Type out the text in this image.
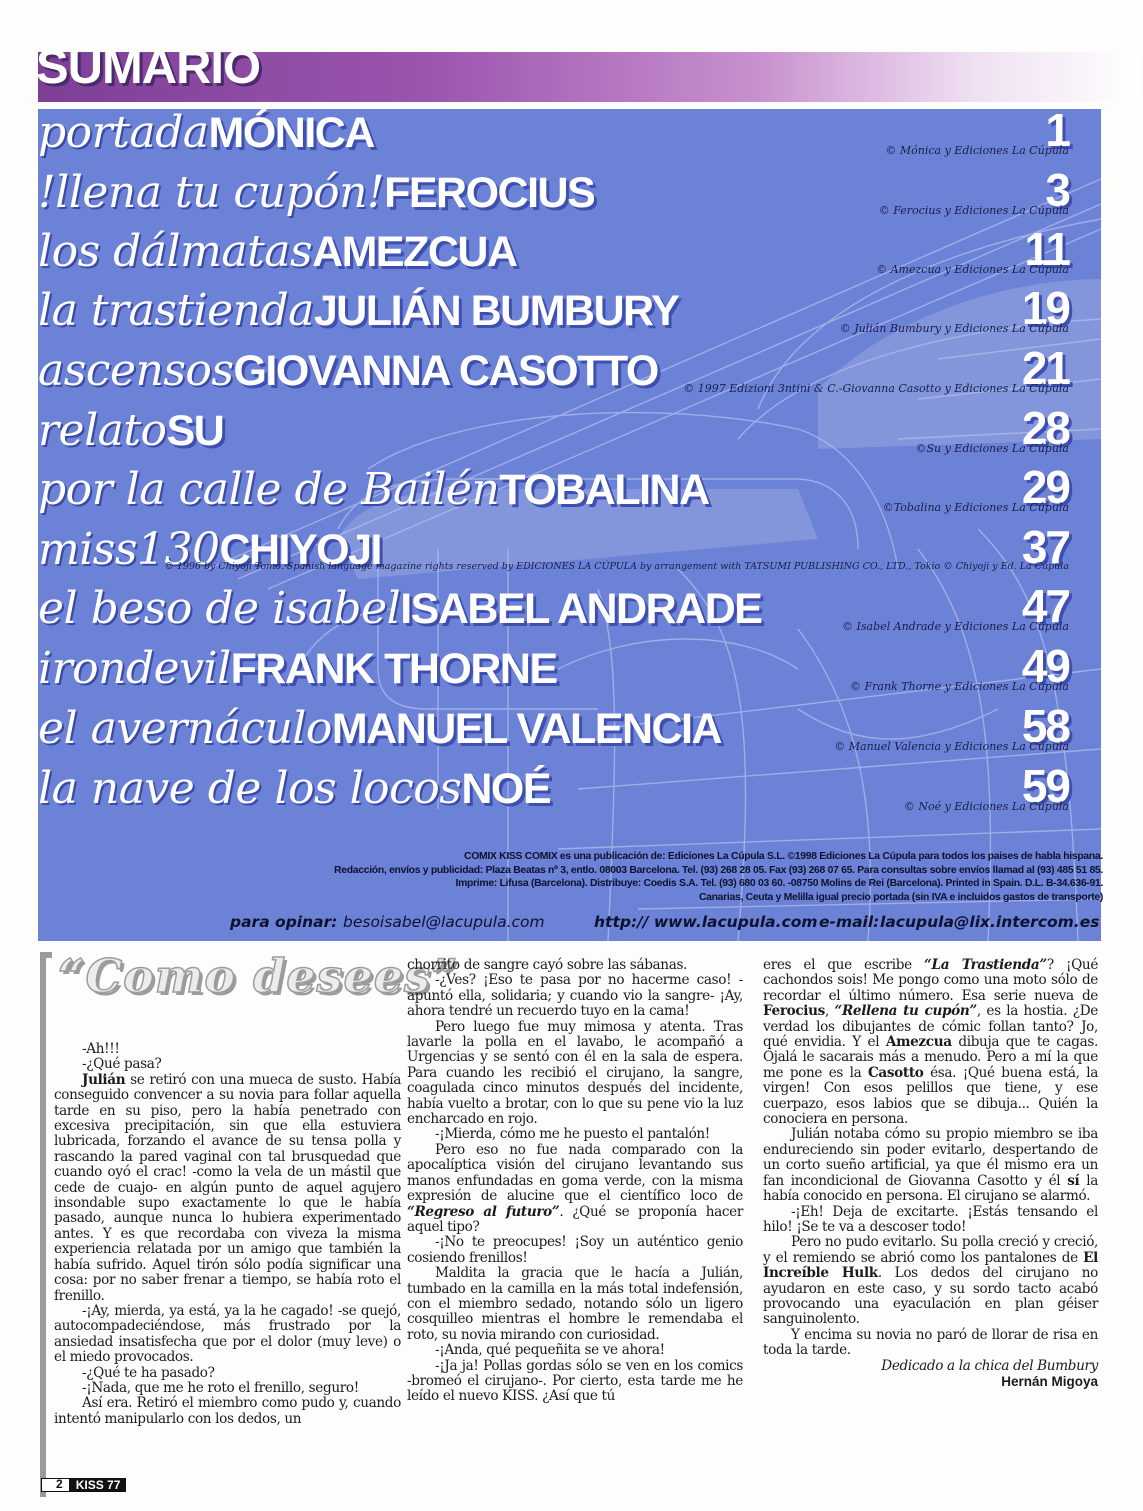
SUMARIO
portadaMÓNICA	1
© Mónica y Ediciones La Cúpula
!llena tu cupón!FEROCIUS	3
© Ferocius y Ediciones La Cúpula
los dálmatasAMEZCUA	11
© Amezcua y Ediciones La Cúpula
la trastiendaJULIÁN BUMBURY	19
© Julián Bumbury y Ediciones La Cúpula
ascensosGIOVANNA CASOTTO	21
© 1997 Edizioni 3ntini & C.-Giovanna Casotto y Ediciones La Cúpula
relatoSU	28
©Su y Ediciones La Cúpula
por la calle de BailénTOBALINA	29
©Tobalina y Ediciones La Cúpula
miss130CHIYOJI	37
© 1996 by Chiyoji Tomo. Spanish language magazine rights reserved by EDICIONES LA CÚPULA by arrangement with TATSUMI PUBLISHING CO., LTD., Tokio © Chiyoji y Ed. La Cúpula
el beso de isabelISABEL ANDRADE	47
© Isabel Andrade y Ediciones La Cúpula
irondevilFRANK THORNE	49
© Frank Thorne y Ediciones La Cúpula
el avernáculoMANUEL VALENCIA	58
© Manuel Valencia y Ediciones La Cúpula
la nave de los locosNOÉ	59
© Noé y Ediciones La Cúpula
COMIX KISS COMIX es una publicación de: Ediciones La Cúpula S.L. ©1998 Ediciones La Cúpula para todos los paises de habla hispana.
Redacción, envíos y publicidad: Plaza Beatas nº 3, entlo. 08003 Barcelona. Tel. (93) 268 28 05. Fax (93) 268 07 65. Para consultas sobre envíos llamad al (93) 485 51 85.
Imprime: Lifusa (Barcelona). Distribuye: Coedis S.A. Tel. (93) 680 03 60. -08750 Molins de Rei (Barcelona). Printed in Spain. D.L. B-34.636-91.
Canarias, Ceuta y Melilla igual precio portada (sin IVA e incluidos gastos de transporte)
para opinar: besoisabel@lacupula.com	http:// www.lacupula.com e-mail: lacupula@lix.intercom.es
“Como desees”

-Ah!!!

-¿Qué pasa?

Julián se retiró con una mueca de susto. Había conseguido convencer a su novia para follar aquella tarde en su piso, pero la había penetrado con excesiva precipitación, sin que ella estuviera lubricada, forzando el avance de su tensa polla y rascando la pared vaginal con tal brusquedad que cuando oyó el crac! -como la vela de un mástil que cede de cuajo- en algún punto de aquel agujero insondable supo exactamente lo que le había pasado, aunque nunca lo hubiera experimentado antes. Y es que recordaba con viveza la misma experiencia relatada por un amigo que también la había sufrido. Aquel tirón sólo podía significar una cosa: por no saber frenar a tiempo, se había roto el frenillo.

-¡Ay, mierda, ya está, ya la he cagado! -se quejó, autocompadeciéndose, más frustrado por la ansiedad insatisfecha que por el dolor (muy leve) o el miedo provocados.

-¿Qué te ha pasado?

-¡Nada, que me he roto el frenillo, seguro!

Así era. Retiró el miembro como pudo y, cuando intentó manipularlo con los dedos, un

chorrito de sangre cayó sobre las sábanas.

-¿Ves? ¡Eso te pasa por no hacerme caso! -apuntó ella, solidaria; y cuando vio la sangre- ¡Ay, ahora tendré un recuerdo tuyo en la cama!

Pero luego fue muy mimosa y atenta. Tras lavarle la polla en el lavabo, le acompañó a Urgencias y se sentó con él en la sala de espera. Para cuando les recibió el cirujano, la sangre, coagulada cinco minutos después del incidente, había vuelto a brotar, con lo que su pene vio la luz encharcado en rojo.

-¡Mierda, cómo me he puesto el pantalón!

Pero eso no fue nada comparado con la apocalíptica visión del cirujano levantando sus manos enfundadas en goma verde, con la misma expresión de alucine que el científico loco de “Regreso al futuro”. ¿Qué se proponía hacer aquel tipo?

-¡No te preocupes! ¡Soy un auténtico genio cosiendo frenillos!

Maldita la gracia que le hacía a Julián, tumbado en la camilla en la más total indefensión, con el miembro sedado, notando sólo un ligero cosquilleo mientras el hombre le remendaba el roto, su novia mirando con curiosidad.

-¡Anda, qué pequeñita se ve ahora!

-¡Ja ja! Pollas gordas sólo se ven en los comics -bromeó el cirujano-. Por cierto, esta tarde me he leído el nuevo KISS. ¿Así que tú

eres el que escribe “La Trastienda”? ¡Qué cachondos sois! Me pongo como una moto sólo de recordar el último número. Esa serie nueva de Ferocius, “Rellena tu cupón”, es la hostia. ¿De verdad los dibujantes de cómic follan tanto? Jo, qué envidia. Y el Amezcua dibuja que te cagas. Ojalá le sacarais más a menudo. Pero a mí la que me pone es la Casotto ésa. ¡Qué buena está, la virgen! Con esos pelillos que tiene, y ese cuerpazo, esos labios que se dibuja... Quién la conociera en persona.

Julián notaba cómo su propio miembro se iba endureciendo sin poder evitarlo, despertando de un corto sueño artificial, ya que él mismo era un fan incondicional de Giovanna Casotto y él sí la había conocido en persona. El cirujano se alarmó.

-¡Eh! Deja de excitarte. ¡Estás tensando el hilo! ¡Se te va a descoser todo!

Pero no pudo evitarlo. Su polla creció y creció, y el remiendo se abrió como los pantalones de El Increíble Hulk. Los dedos del cirujano no ayudaron en este caso, y su sordo tacto acabó provocando una eyaculación en plan géiser sanguinolento.

Y encima su novia no paró de llorar de risa en toda la tarde.

Dedicado a la chica del Bumbury

Hernán Migoya

2	KISS 77
